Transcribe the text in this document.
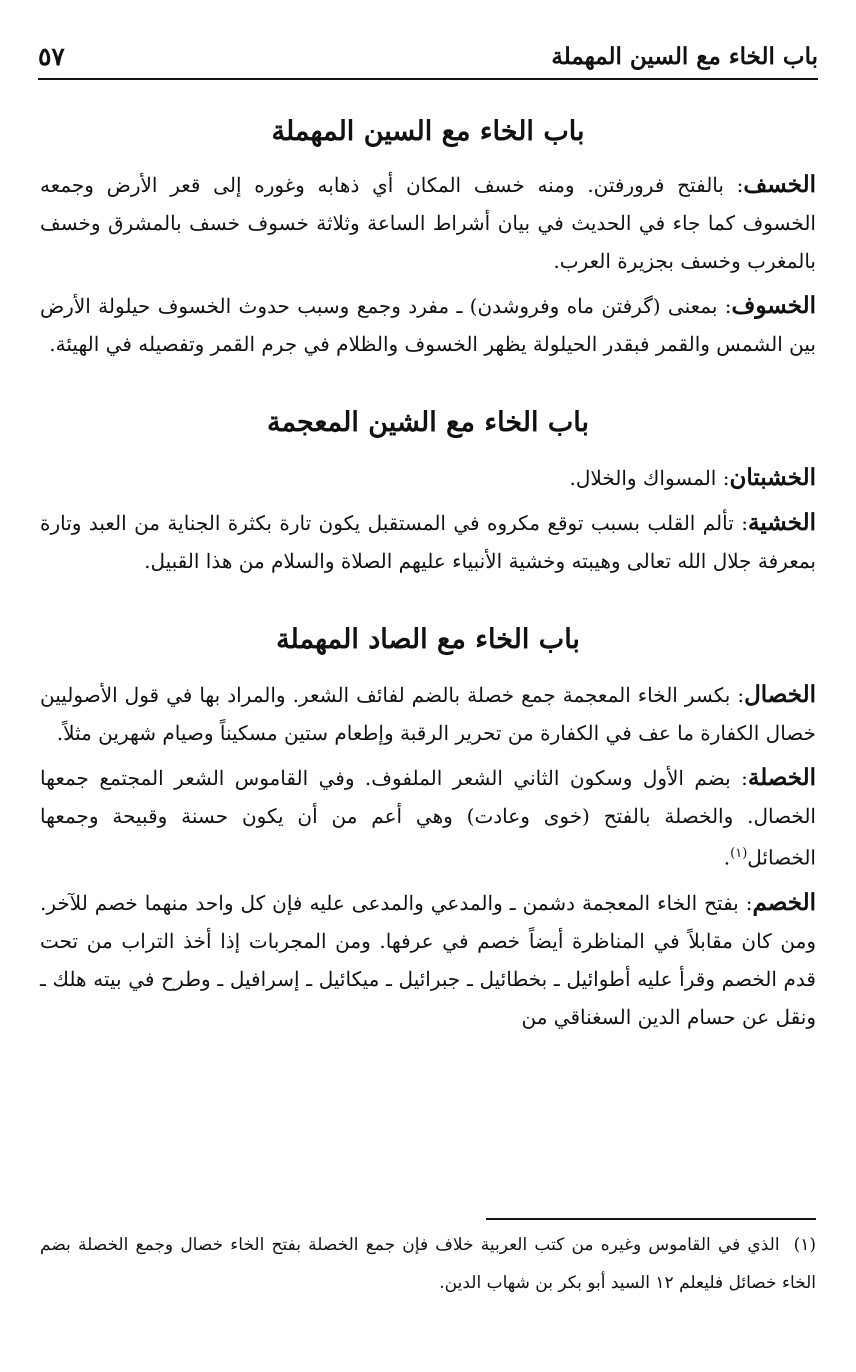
باب الخاء مع السين المهملة
٥٧
باب الخاء مع السين المهملة

الخسف: بالفتح فرورفتن. ومنه خسف المكان أي ذهابه وغوره إلى قعر الأرض وجمعه الخسوف كما جاء في الحديث في بيان أشراط الساعة وثلاثة خسوف خسف بالمشرق وخسف بالمغرب وخسف بجزيرة العرب.

الخسوف: بمعنى (گرفتن ماه وفروشدن) ـ مفرد وجمع وسبب حدوث الخسوف حيلولة الأرض بين الشمس والقمر فبقدر الحيلولة يظهر الخسوف والظلام في جرم القمر وتفصيله في الهيئة.

باب الخاء مع الشين المعجمة

الخشبتان: المسواك والخلال.

الخشية: تألم القلب بسبب توقع مكروه في المستقبل يكون تارة بكثرة الجناية من العبد وتارة بمعرفة جلال الله تعالى وهيبته وخشية الأنبياء عليهم الصلاة والسلام من هذا القبيل.

باب الخاء مع الصاد المهملة

الخصال: بكسر الخاء المعجمة جمع خصلة بالضم لفائف الشعر. والمراد بها في قول الأصوليين خصال الكفارة ما عف في الكفارة من تحرير الرقبة وإطعام ستين مسكيناً وصيام شهرين مثلاً.

الخصلة: بضم الأول وسكون الثاني الشعر الملفوف. وفي القاموس الشعر المجتمع جمعها الخصال. والخصلة بالفتح (خوى وعادت) وهي أعم من أن يكون حسنة وقبيحة وجمعها الخصائل$^{(١)}$.

الخصم: بفتح الخاء المعجمة دشمن ـ والمدعي والمدعى عليه فإن كل واحد منهما خصم للآخر. ومن كان مقابلاً في المناظرة أيضاً خصم في عرفها. ومن المجربات إذا أخذ التراب من تحت قدم الخصم وقرأ عليه أطوائيل ـ بخطائيل ـ جبرائيل ـ ميكائيل ـ إسرافيل ـ وطرح في بيته هلك ـ ونقل عن حسام الدين السغناقي من

(١)الذي في القاموس وغيره من كتب العربية خلاف فإن جمع الخصلة بفتح الخاء خصال وجمع الخصلة بضم الخاء خصائل فليعلم ١٢ السيد أبو بكر بن شهاب الدين.
